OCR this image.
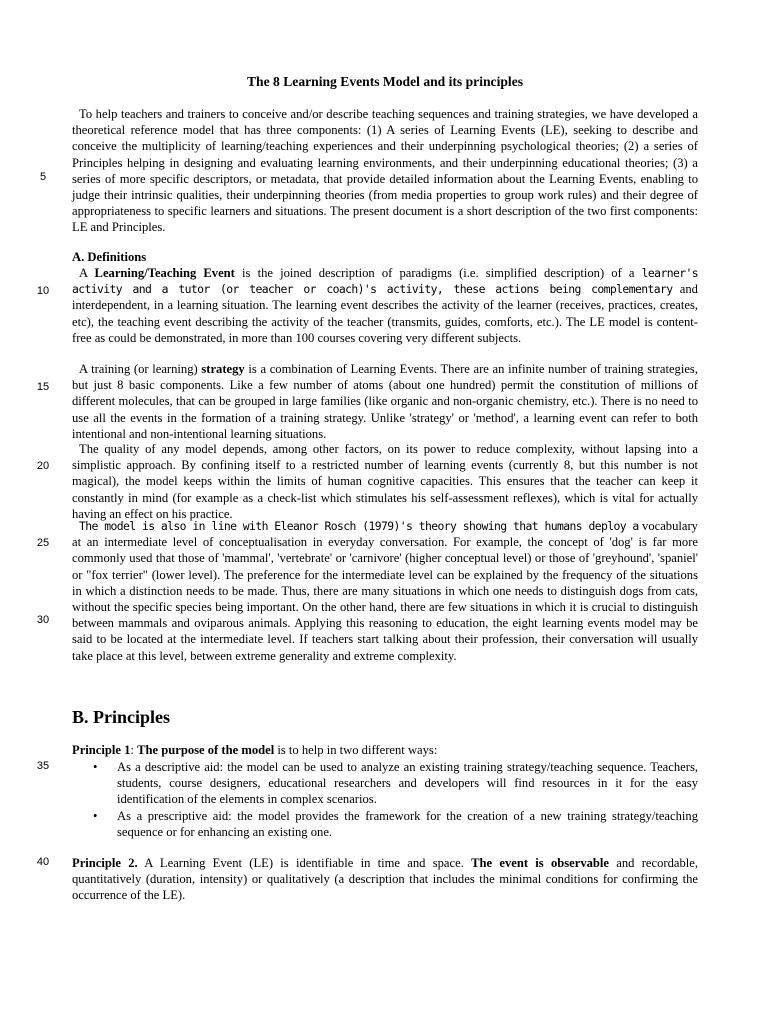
The 8 Learning Events Model and its principles
To help teachers and trainers to conceive and/or describe teaching sequences and training strategies, we have developed a theoretical reference model that has three components: (1) A series of Learning Events (LE), seeking to describe and conceive the multiplicity of learning/teaching experiences and their underpinning psychological theories; (2) a series of Principles helping in designing and evaluating learning environments, and their underpinning educational theories; (3) a series of more specific descriptors, or metadata, that provide detailed information about the Learning Events, enabling to judge their intrinsic qualities, their underpinning theories (from media properties to group work rules) and their degree of appropriateness to specific learners and situations. The present document is a short description of the two first components: LE and Principles.
A. Definitions
A Learning/Teaching Event is the joined description of paradigms (i.e. simplified description) of a learner's activity and a tutor (or teacher or coach)'s activity, these actions being complementary and interdependent, in a learning situation. The learning event describes the activity of the learner (receives, practices, creates, etc), the teaching event describing the activity of the teacher (transmits, guides, comforts, etc.). The LE model is content-free as could be demonstrated, in more than 100 courses covering very different subjects.
A training (or learning) strategy is a combination of Learning Events. There are an infinite number of training strategies, but just 8 basic components. Like a few number of atoms (about one hundred) permit the constitution of millions of different molecules, that can be grouped in large families (like organic and non-organic chemistry, etc.). There is no need to use all the events in the formation of a training strategy. Unlike 'strategy' or 'method', a learning event can refer to both intentional and non-intentional learning situations.
The quality of any model depends, among other factors, on its power to reduce complexity, without lapsing into a simplistic approach. By confining itself to a restricted number of learning events (currently 8, but this number is not magical), the model keeps within the limits of human cognitive capacities. This ensures that the teacher can keep it constantly in mind (for example as a check-list which stimulates his self-assessment reflexes), which is vital for actually having an effect on his practice.
The model is also in line with Eleanor Rosch (1979)'s theory showing that humans deploy a vocabulary at an intermediate level of conceptualisation in everyday conversation. For example, the concept of 'dog' is far more commonly used that those of 'mammal', 'vertebrate' or 'carnivore' (higher conceptual level) or those of 'greyhound', 'spaniel' or "fox terrier" (lower level). The preference for the intermediate level can be explained by the frequency of the situations in which a distinction needs to be made. Thus, there are many situations in which one needs to distinguish dogs from cats, without the specific species being important. On the other hand, there are few situations in which it is crucial to distinguish between mammals and oviparous animals. Applying this reasoning to education, the eight learning events model may be said to be located at the intermediate level. If teachers start talking about their profession, their conversation will usually take place at this level, between extreme generality and extreme complexity.
B. Principles
Principle 1: The purpose of the model is to help in two different ways:
• As a descriptive aid: the model can be used to analyze an existing training strategy/teaching sequence. Teachers, students, course designers, educational researchers and developers will find resources in it for the easy identification of the elements in complex scenarios.
• As a prescriptive aid: the model provides the framework for the creation of a new training strategy/teaching sequence or for enhancing an existing one.
Principle 2. A Learning Event (LE) is identifiable in time and space. The event is observable and recordable, quantitatively (duration, intensity) or qualitatively (a description that includes the minimal conditions for confirming the occurrence of the LE).
5
10
15
20
25
30
35
40
